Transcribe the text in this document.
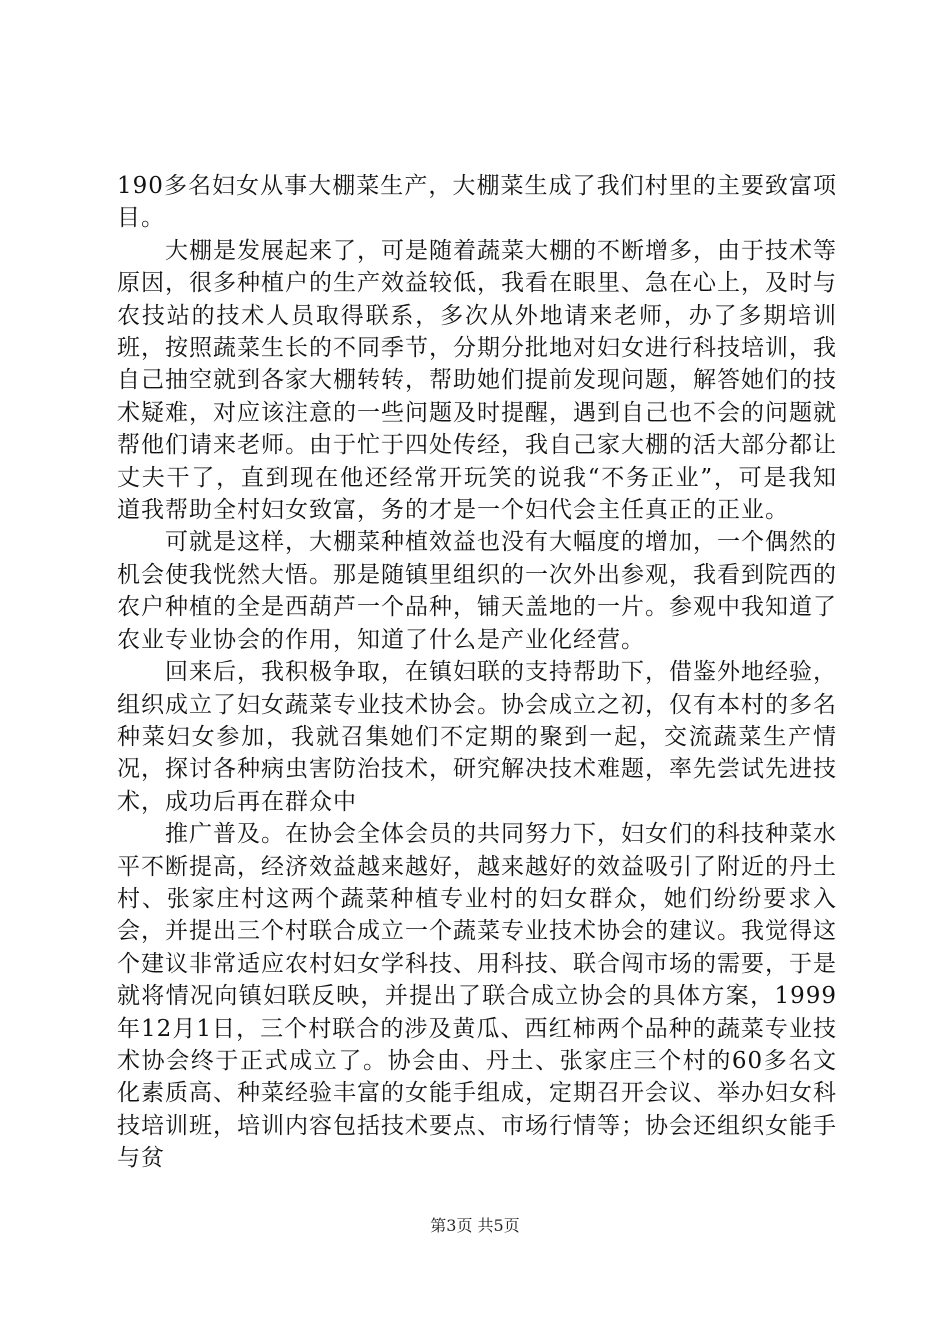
190多名妇女从事大棚菜生产，大棚菜生成了我们村里的主要致富项目。

大棚是发展起来了，可是随着蔬菜大棚的不断增多，由于技术等原因，很多种植户的生产效益较低，我看在眼里、急在心上，及时与农技站的技术人员取得联系，多次从外地请来老师，办了多期培训班，按照蔬菜生长的不同季节，分期分批地对妇女进行科技培训，我自己抽空就到各家大棚转转，帮助她们提前发现问题，解答她们的技术疑难，对应该注意的一些问题及时提醒，遇到自己也不会的问题就帮他们请来老师。由于忙于四处传经，我自己家大棚的活大部分都让丈夫干了，直到现在他还经常开玩笑的说我“不务正业”，可是我知道我帮助全村妇女致富，务的才是一个妇代会主任真正的正业。

可就是这样，大棚菜种植效益也没有大幅度的增加，一个偶然的机会使我恍然大悟。那是随镇里组织的一次外出参观，我看到院西的农户种植的全是西葫芦一个品种，铺天盖地的一片。参观中我知道了农业专业协会的作用，知道了什么是产业化经营。

回来后，我积极争取，在镇妇联的支持帮助下，借鉴外地经验，组织成立了妇女蔬菜专业技术协会。协会成立之初，仅有本村的多名种菜妇女参加，我就召集她们不定期的聚到一起，交流蔬菜生产情况，探讨各种病虫害防治技术，研究解决技术难题，率先尝试先进技术，成功后再在群众中

推广普及。在协会全体会员的共同努力下，妇女们的科技种菜水平不断提高，经济效益越来越好，越来越好的效益吸引了附近的丹土村、张家庄村这两个蔬菜种植专业村的妇女群众，她们纷纷要求入会，并提出三个村联合成立一个蔬菜专业技术协会的建议。我觉得这个建议非常适应农村妇女学科技、用科技、联合闯市场的需要，于是就将情况向镇妇联反映，并提出了联合成立协会的具体方案，1999年12月1日，三个村联合的涉及黄瓜、西红柿两个品种的蔬菜专业技术协会终于正式成立了。协会由、丹土、张家庄三个村的60多名文化素质高、种菜经验丰富的女能手组成，定期召开会议、举办妇女科技培训班，培训内容包括技术要点、市场行情等；协会还组织女能手与贫

第3页 共5页
